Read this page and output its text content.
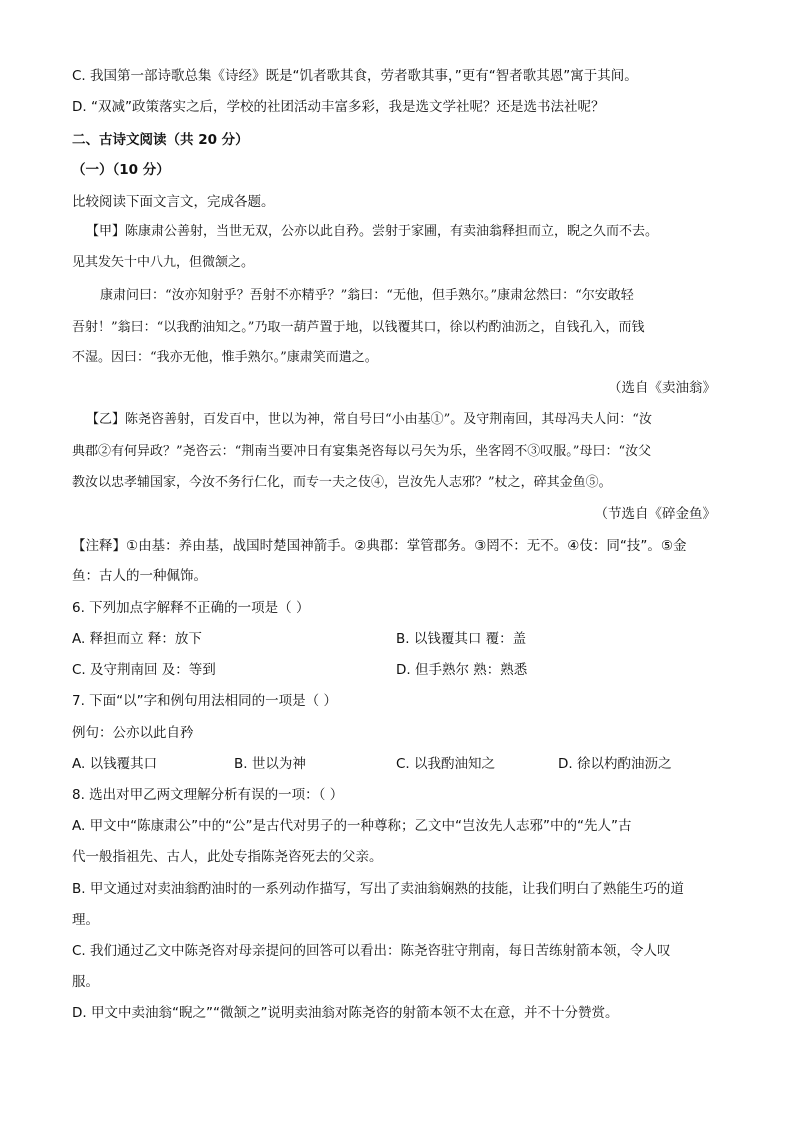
C. 我国第一部诗歌总集《诗经》既是“饥者歌其食，劳者歌其事，”更有“智者歌其恩”寓于其间。
D. “双减”政策落实之后，学校的社团活动丰富多彩，我是选文学社呢？还是选书法社呢？
二、古诗文阅读（共 20 分）
（一）（10 分）
比较阅读下面文言文，完成各题。
【甲】陈康肃公善射，当世无双，公亦以此自矜。尝射于家圃，有卖油翁释担而立，睨之久而不去。
见其发矢十中八九，但微颔之。
康肃问曰：“汝亦知射乎？吾射不亦精乎？”翁曰：“无他，但手熟尔。”康肃忿然曰：“尔安敢轻
吾射！”翁曰：“以我酌油知之。”乃取一葫芦置于地，以钱覆其口，徐以杓酌油沥之，自钱孔入，而钱
不湿。因曰：“我亦无他，惟手熟尔。”康肃笑而遣之。
（选自《卖油翁》
【乙】陈尧咨善射，百发百中，世以为神，常自号曰“小由基①”。及守荆南回，其母冯夫人问：“汝
典郡②有何异政？”尧咨云：“荆南当要冲日有宴集尧咨每以弓矢为乐，坐客罔不③叹服。”母曰：“汝父
教汝以忠孝辅国家，今汝不务行仁化，而专一夫之伎④，岂汝先人志邪？”杖之，碎其金鱼⑤。
（节选自《碎金鱼》
【注释】①由基：养由基，战国时楚国神箭手。②典郡：掌管郡务。③罔不：无不。④伎：同“技”。⑤金
鱼：古人的一种佩饰。
6. 下列加点字解释不正确的一项是（ ）
A. 释担而立 释：放下	B. 以钱覆其口 覆：盖
C. 及守荆南回 及：等到	D. 但手熟尔 熟：熟悉
7. 下面“以”字和例句用法相同的一项是（ ）
例句：公亦以此自矜
A. 以钱覆其口	B. 世以为神	C. 以我酌油知之	D. 徐以杓酌油沥之
8. 选出对甲乙两文理解分析有误的一项：（ ）
A. 甲文中“陈康肃公”中的“公”是古代对男子的一种尊称；乙文中“岂汝先人志邪”中的“先人”古
代一般指祖先、古人，此处专指陈尧咨死去的父亲。
B. 甲文通过对卖油翁酌油时的一系列动作描写，写出了卖油翁娴熟的技能，让我们明白了熟能生巧的道
理。
C. 我们通过乙文中陈尧咨对母亲提问的回答可以看出：陈尧咨驻守荆南，每日苦练射箭本领，令人叹
服。
D. 甲文中卖油翁“睨之”“微颔之”说明卖油翁对陈尧咨的射箭本领不太在意，并不十分赞赏。
